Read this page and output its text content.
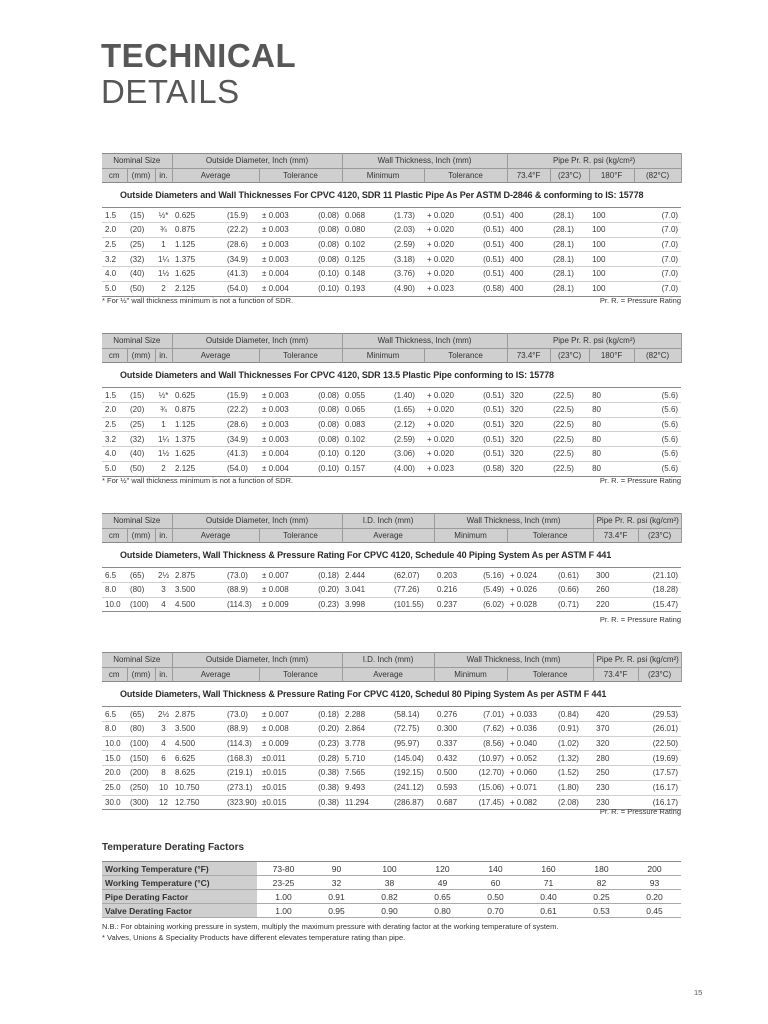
TECHNICAL
DETAILS
Nominal Size			Outside Diameter, Inch (mm)				Wall Thickness, Inch (mm)				Pipe Pr. R. psi (kg/cm²)			
cm	(mm)	in.	Average		Tolerance		Minimum		Tolerance		73.4°F	(23°C)	180°F	(82°C)
Outside Diameters and Wall Thicknesses For CPVC 4120, SDR 11 Plastic Pipe As Per ASTM D-2846 & conforming to IS: 15778														
1.5	(15)	½*	0.625	(15.9)	± 0.003	(0.08)	0.068	(1.73)	+ 0.020	(0.51)	400	(28.1)	100	(7.0)
2.0	(20)	¾	0.875	(22.2)	± 0.003	(0.08)	0.080	(2.03)	+ 0.020	(0.51)	400	(28.1)	100	(7.0)
2.5	(25)	1	1.125	(28.6)	± 0.003	(0.08)	0.102	(2.59)	+ 0.020	(0.51)	400	(28.1)	100	(7.0)
3.2	(32)	1¼	1.375	(34.9)	± 0.003	(0.08)	0.125	(3.18)	+ 0.020	(0.51)	400	(28.1)	100	(7.0)
4.0	(40)	1½	1.625	(41.3)	± 0.004	(0.10)	0.148	(3.76)	+ 0.020	(0.51)	400	(28.1)	100	(7.0)
5.0	(50)	2	2.125	(54.0)	± 0.004	(0.10)	0.193	(4.90)	+ 0.023	(0.58)	400	(28.1)	100	(7.0)
* For ½" wall thickness minimum is not a function of SDR.	Pr. R. = Pressure Rating
Nominal Size			Outside Diameter, Inch (mm)				Wall Thickness, Inch (mm)				Pipe Pr. R. psi (kg/cm²)			
cm	(mm)	in.	Average		Tolerance		Minimum		Tolerance		73.4°F	(23°C)	180°F	(82°C)
Outside Diameters and Wall Thicknesses For CPVC 4120, SDR 13.5 Plastic Pipe conforming to IS: 15778														
1.5	(15)	½*	0.625	(15.9)	± 0.003	(0.08)	0.055	(1.40)	+ 0.020	(0.51)	320	(22.5)	80	(5.6)
2.0	(20)	¾	0.875	(22.2)	± 0.003	(0.08)	0.065	(1.65)	+ 0.020	(0.51)	320	(22.5)	80	(5.6)
2.5	(25)	1	1.125	(28.6)	± 0.003	(0.08)	0.083	(2.12)	+ 0.020	(0.51)	320	(22.5)	80	(5.6)
3.2	(32)	1¼	1.375	(34.9)	± 0.003	(0.08)	0.102	(2.59)	+ 0.020	(0.51)	320	(22.5)	80	(5.6)
4.0	(40)	1½	1.625	(41.3)	± 0.004	(0.10)	0.120	(3.06)	+ 0.020	(0.51)	320	(22.5)	80	(5.6)
5.0	(50)	2	2.125	(54.0)	± 0.004	(0.10)	0.157	(4.00)	+ 0.023	(0.58)	320	(22.5)	80	(5.6)
* For ½" wall thickness minimum is not a function of SDR.	Pr. R. = Pressure Rating
Nominal Size			Outside Diameter, Inch (mm)				I.D. Inch (mm)		Wall Thickness, Inch (mm)				Pipe Pr. R. psi (kg/cm²)	
cm	(mm)	in.	Average		Tolerance		Average		Minimum		Tolerance		73.4°F	(23°C)
Outside Diameters, Wall Thickness & Pressure Rating For CPVC 4120, Schedule 40 Piping System As per ASTM F 441														
6.5	(65)	2½	2.875	(73.0)	± 0.007	(0.18)	2.444	(62.07)	0.203	(5.16)	+ 0.024	(0.61)	300	(21.10)
8.0	(80)	3	3.500	(88.9)	± 0.008	(0.20)	3.041	(77.26)	0.216	(5.49)	+ 0.026	(0.66)	260	(18.28)
10.0	(100)	4	4.500	(114.3)	± 0.009	(0.23)	3.998	(101.55)	0.237	(6.02)	+ 0.028	(0.71)	220	(15.47)
Pr. R. = Pressure Rating
Nominal Size			Outside Diameter, Inch (mm)				I.D. Inch (mm)		Wall Thickness, Inch (mm)				Pipe Pr. R. psi (kg/cm²)	
cm	(mm)	in.	Average		Tolerance		Average		Minimum		Tolerance		73.4°F	(23°C)
Outside Diameters, Wall Thickness & Pressure Rating For CPVC 4120, Schedul 80 Piping System As per ASTM F 441														
6.5	(65)	2½	2.875	(73.0)	± 0.007	(0.18)	2.288	(58.14)	0.276	(7.01)	+ 0.033	(0.84)	420	(29.53)
8.0	(80)	3	3.500	(88.9)	± 0.008	(0.20)	2.864	(72.75)	0.300	(7.62)	+ 0.036	(0.91)	370	(26.01)
10.0	(100)	4	4.500	(114.3)	± 0.009	(0.23)	3.778	(95.97)	0.337	(8.56)	+ 0.040	(1.02)	320	(22.50)
15.0	(150)	6	6.625	(168.3)	±0.011	(0.28)	5.710	(145.04)	0.432	(10.97)	+ 0.052	(1.32)	280	(19.69)
20.0	(200)	8	8.625	(219.1)	±0.015	(0.38)	7.565	(192.15)	0.500	(12.70)	+ 0.060	(1.52)	250	(17.57)
25.0	(250)	10	10.750	(273.1)	±0.015	(0.38)	9.493	(241.12)	0.593	(15.06)	+ 0.071	(1.80)	230	(16.17)
30.0	(300)	12	12.750	(323.90)	±0.015	(0.38)	11.294	(286.87)	0.687	(17.45)	+ 0.082	(2.08)	230	(16.17)
Pr. R. = Pressure Rating
Temperature Derating Factors
Working Temperature (°F)	73-80	90	100	120	140	160	180	200
Working Temperature (°C)	23-25	32	38	49	60	71	82	93
Pipe Derating Factor	1.00	0.91	0.82	0.65	0.50	0.40	0.25	0.20
Valve Derating Factor	1.00	0.95	0.90	0.80	0.70	0.61	0.53	0.45
N.B.: For obtaining working pressure in system, multiply the maximum pressure with derating factor at the working temperature of system.
* Valves, Unions & Speciality Products have different elevates temperature rating than pipe.
15
